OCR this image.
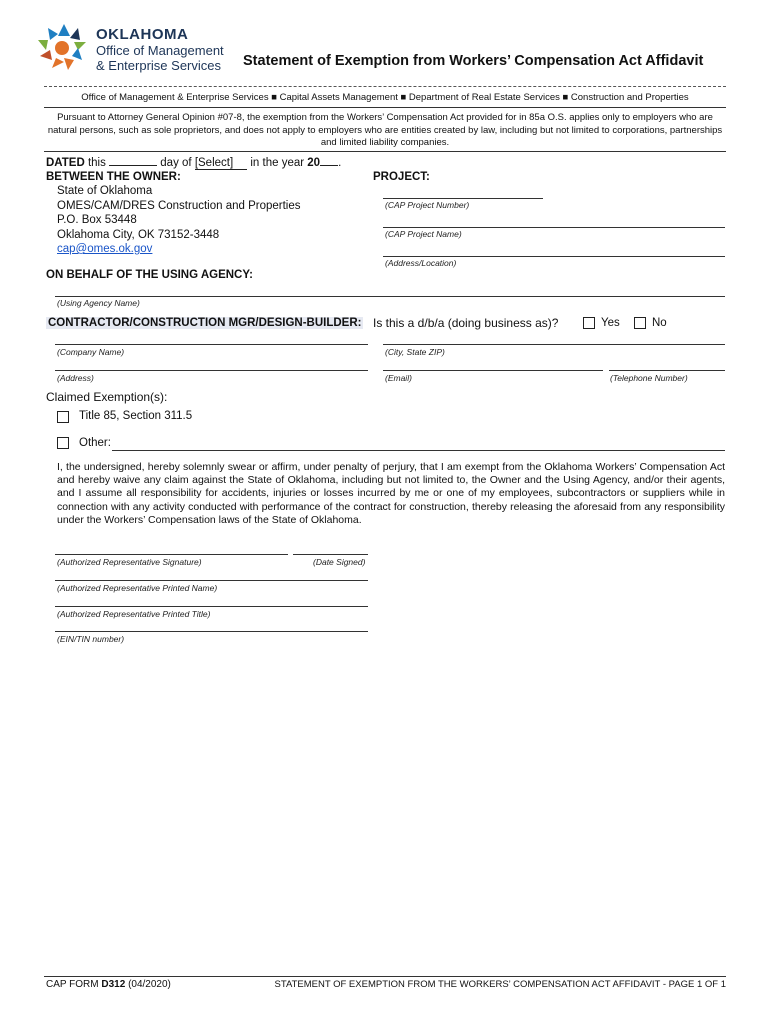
OKLAHOMA
Office of Management
& Enterprise Services Statement of Exemption from Workers’ Compensation Act Affidavit
Office of Management & Enterprise Services ■ Capital Assets Management ■ Department of Real Estate Services ■ Construction and Properties
Pursuant to Attorney General Opinion #07-8, the exemption from the Workers’ Compensation Act provided for in 85a O.S. applies only to employers who are natural persons, such as sole proprietors, and does not apply to employers who are entities created by law, including but not limited to corporations, partnerships and limited liability companies.
DATED this	day of [Select] in the year 20 .
BETWEEN THE OWNER:
State of Oklahoma
OMES/CAM/DRES Construction and Properties
P.O. Box 53448
Oklahoma City, OK 73152-3448
cap@omes.ok.gov
PROJECT:
(CAP Project Number)
(CAP Project Name)
(Address/Location)
ON BEHALF OF THE USING AGENCY:
(Using Agency Name)
CONTRACTOR/CONSTRUCTION MGR/DESIGN-BUILDER: Is this a d/b/a (doing business as)?	Yes	No
(Company Name)	(City, State ZIP)
(Address)	(Email)	(Telephone Number)
Claimed Exemption(s):
Title 85, Section 311.5
Other:
I, the undersigned, hereby solemnly swear or affirm, under penalty of perjury, that I am exempt from the Oklahoma Workers’ Compensation Act and hereby waive any claim against the State of Oklahoma, including but not limited to, the Owner and the Using Agency, and/or their agents, and I assume all responsibility for accidents, injuries or losses incurred by me or one of my employees, subcontractors or suppliers while in connection with any activity conducted with performance of the contract for construction, thereby releasing the aforesaid from any responsibility under the Workers’ Compensation laws of the State of Oklahoma.
(Authorized Representative Signature)	(Date Signed)
(Authorized Representative Printed Name)
(Authorized Representative Printed Title)
(EIN/TIN number)
CAP FORM D312 (04/2020)	STATEMENT OF EXEMPTION FROM THE WORKERS’ COMPENSATION ACT AFFIDAVIT - PAGE 1 OF 1
